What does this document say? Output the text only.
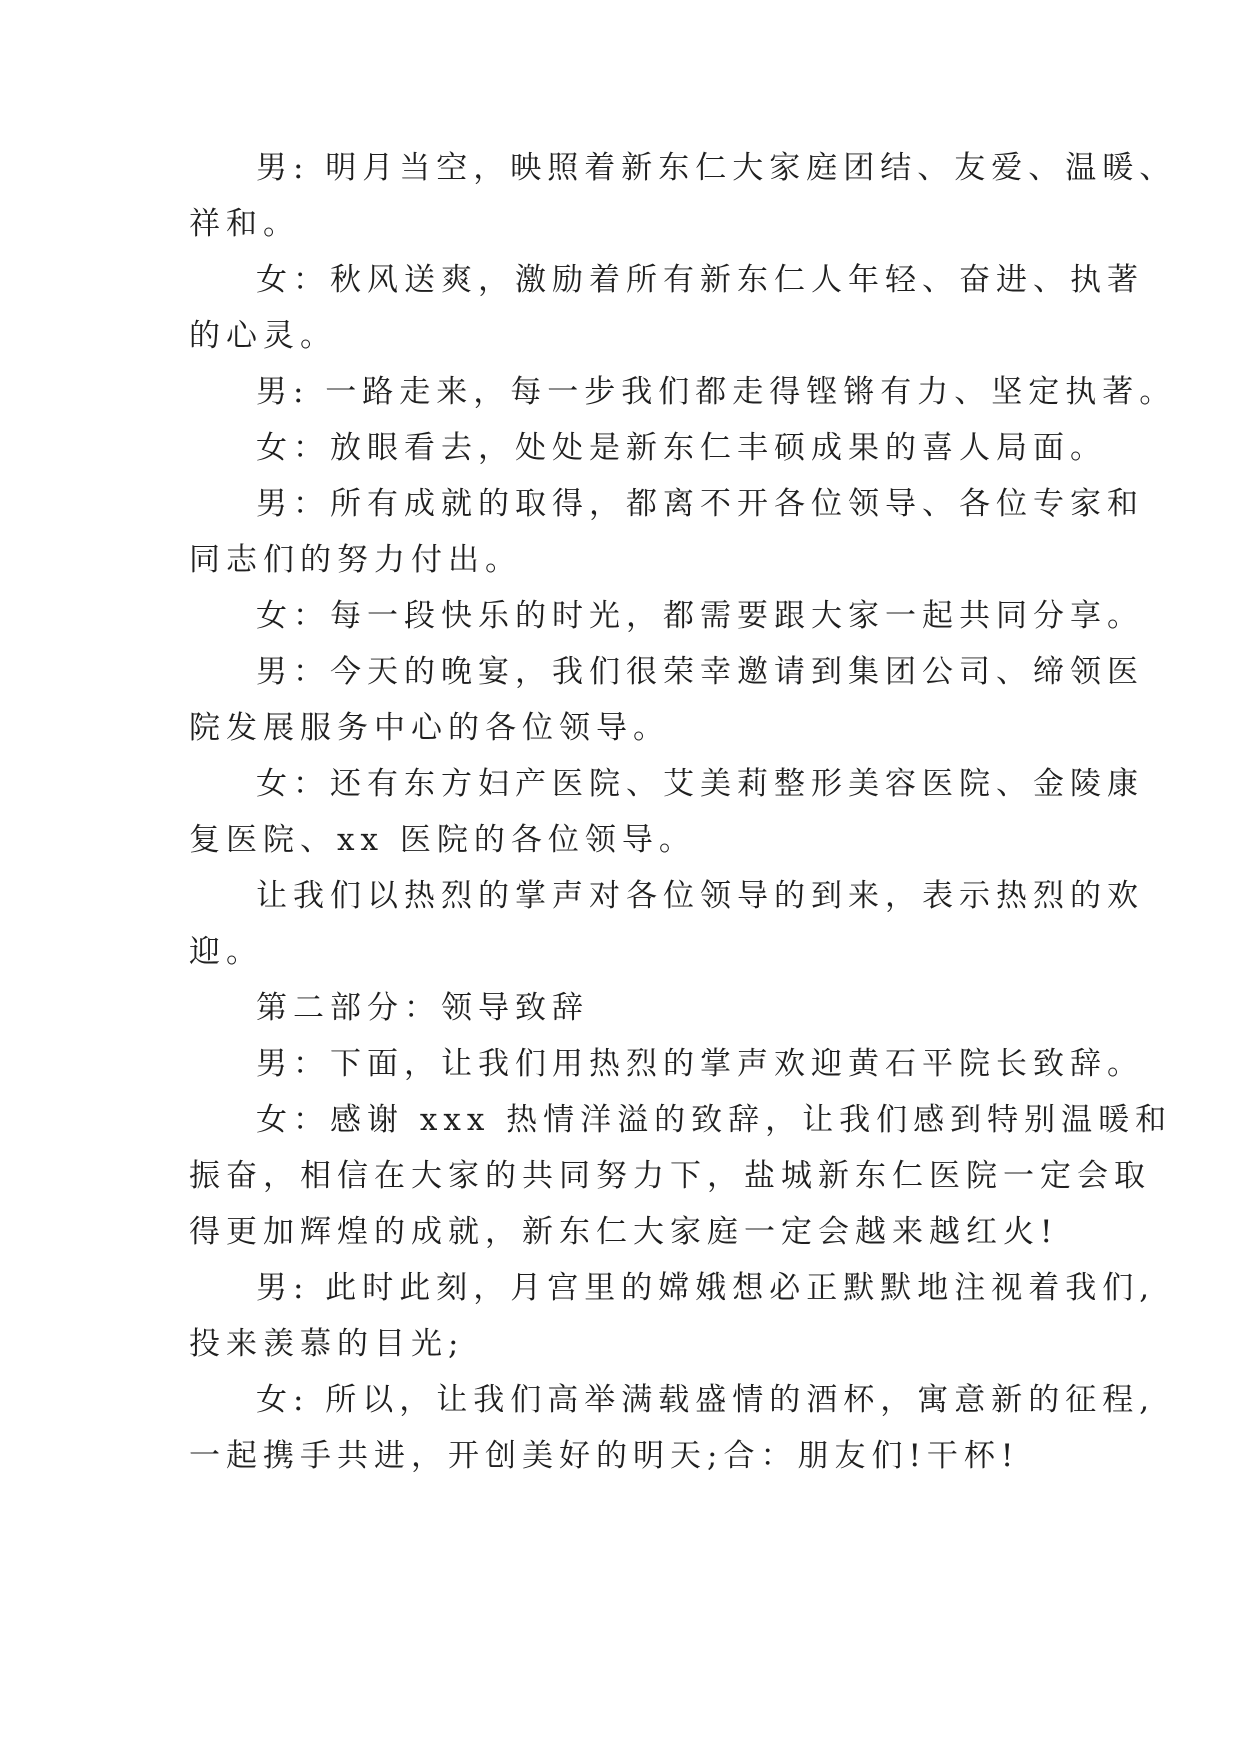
男: 明月当空，映照着新东仁大家庭团结、友爱、温暖、
祥和。
女：秋风送爽，激励着所有新东仁人年轻、奋进、执著
的心灵。
男: 一路走来，每一步我们都走得铿锵有力、坚定执著。
女：放眼看去，处处是新东仁丰硕成果的喜人局面。
男：所有成就的取得，都离不开各位领导、各位专家和
同志们的努力付出。
女：每一段快乐的时光，都需要跟大家一起共同分享。
男：今天的晚宴，我们很荣幸邀请到集团公司、缔领医
院发展服务中心的各位领导。
女：还有东方妇产医院、艾美莉整形美容医院、金陵康
复医院、xx 医院的各位领导。
让我们以热烈的掌声对各位领导的到来，表示热烈的欢
迎。
第二部分：领导致辞
男：下面，让我们用热烈的掌声欢迎黄石平院长致辞。
女：感谢 xxx 热情洋溢的致辞，让我们感到特别温暖和
振奋，相信在大家的共同努力下，盐城新东仁医院一定会取
得更加辉煌的成就，新东仁大家庭一定会越来越红火!
男: 此时此刻，月宫里的嫦娥想必正默默地注视着我们,
投来羡慕的目光;
女: 所以，让我们高举满载盛情的酒杯，寓意新的征程,
一起携手共进，开创美好的明天;合：朋友们!干杯!
